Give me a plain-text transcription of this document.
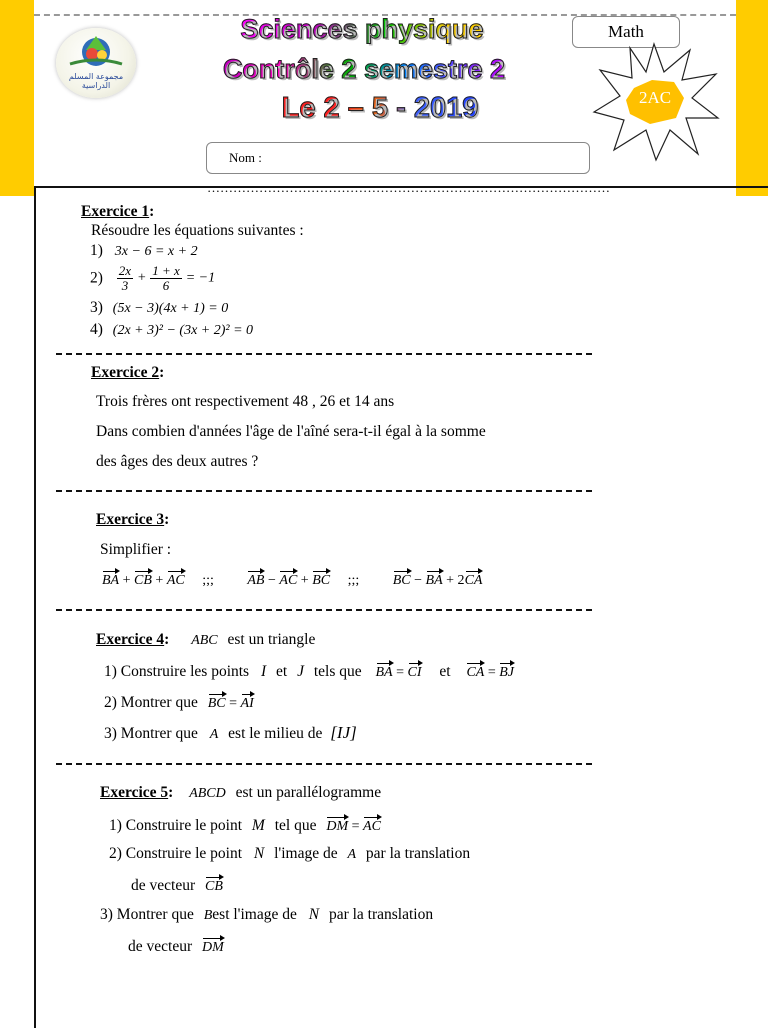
مجموعة المسلم الدراسية
Sciences physique
Contrôle 2 semestre 2
Le 2 – 5 - 2019
Math
2AC
Nom : …………………………………………………………………………………
Exercice 1:
Résoudre les équations suivantes :
1) 3x − 6 = x + 2
$2) \frac{2x}{3} + \frac{1 + x}{6} = -1$
3) (5x − 3)(4x + 1) = 0
4) (2x + 3)² − (3x + 2)² = 0
Exercice 2:
Trois frères ont respectivement 48 , 26 et 14 ans
Dans combien d'années l'âge de l'aîné sera-t-il égal à la somme
des âges des deux autres ?
Exercice 3:
Simplifier :
BA + CB + AC ;;; AB − AC + BC ;;; BC − BA + 2CA
Exercice 4: ABC est un triangle
1) Construire les points I et J tels que BA = CI et CA = BJ
2) Montrer que BC = AI
3) Montrer que A est le milieu de [IJ]
Exercice 5: ABCD est un parallélogramme
1) Construire le point M tel que DM = AC
2) Construire le point N l'image de A par la translation
de vecteur CB
3) Montrer que Best l'image de N par la translation
de vecteur DM
